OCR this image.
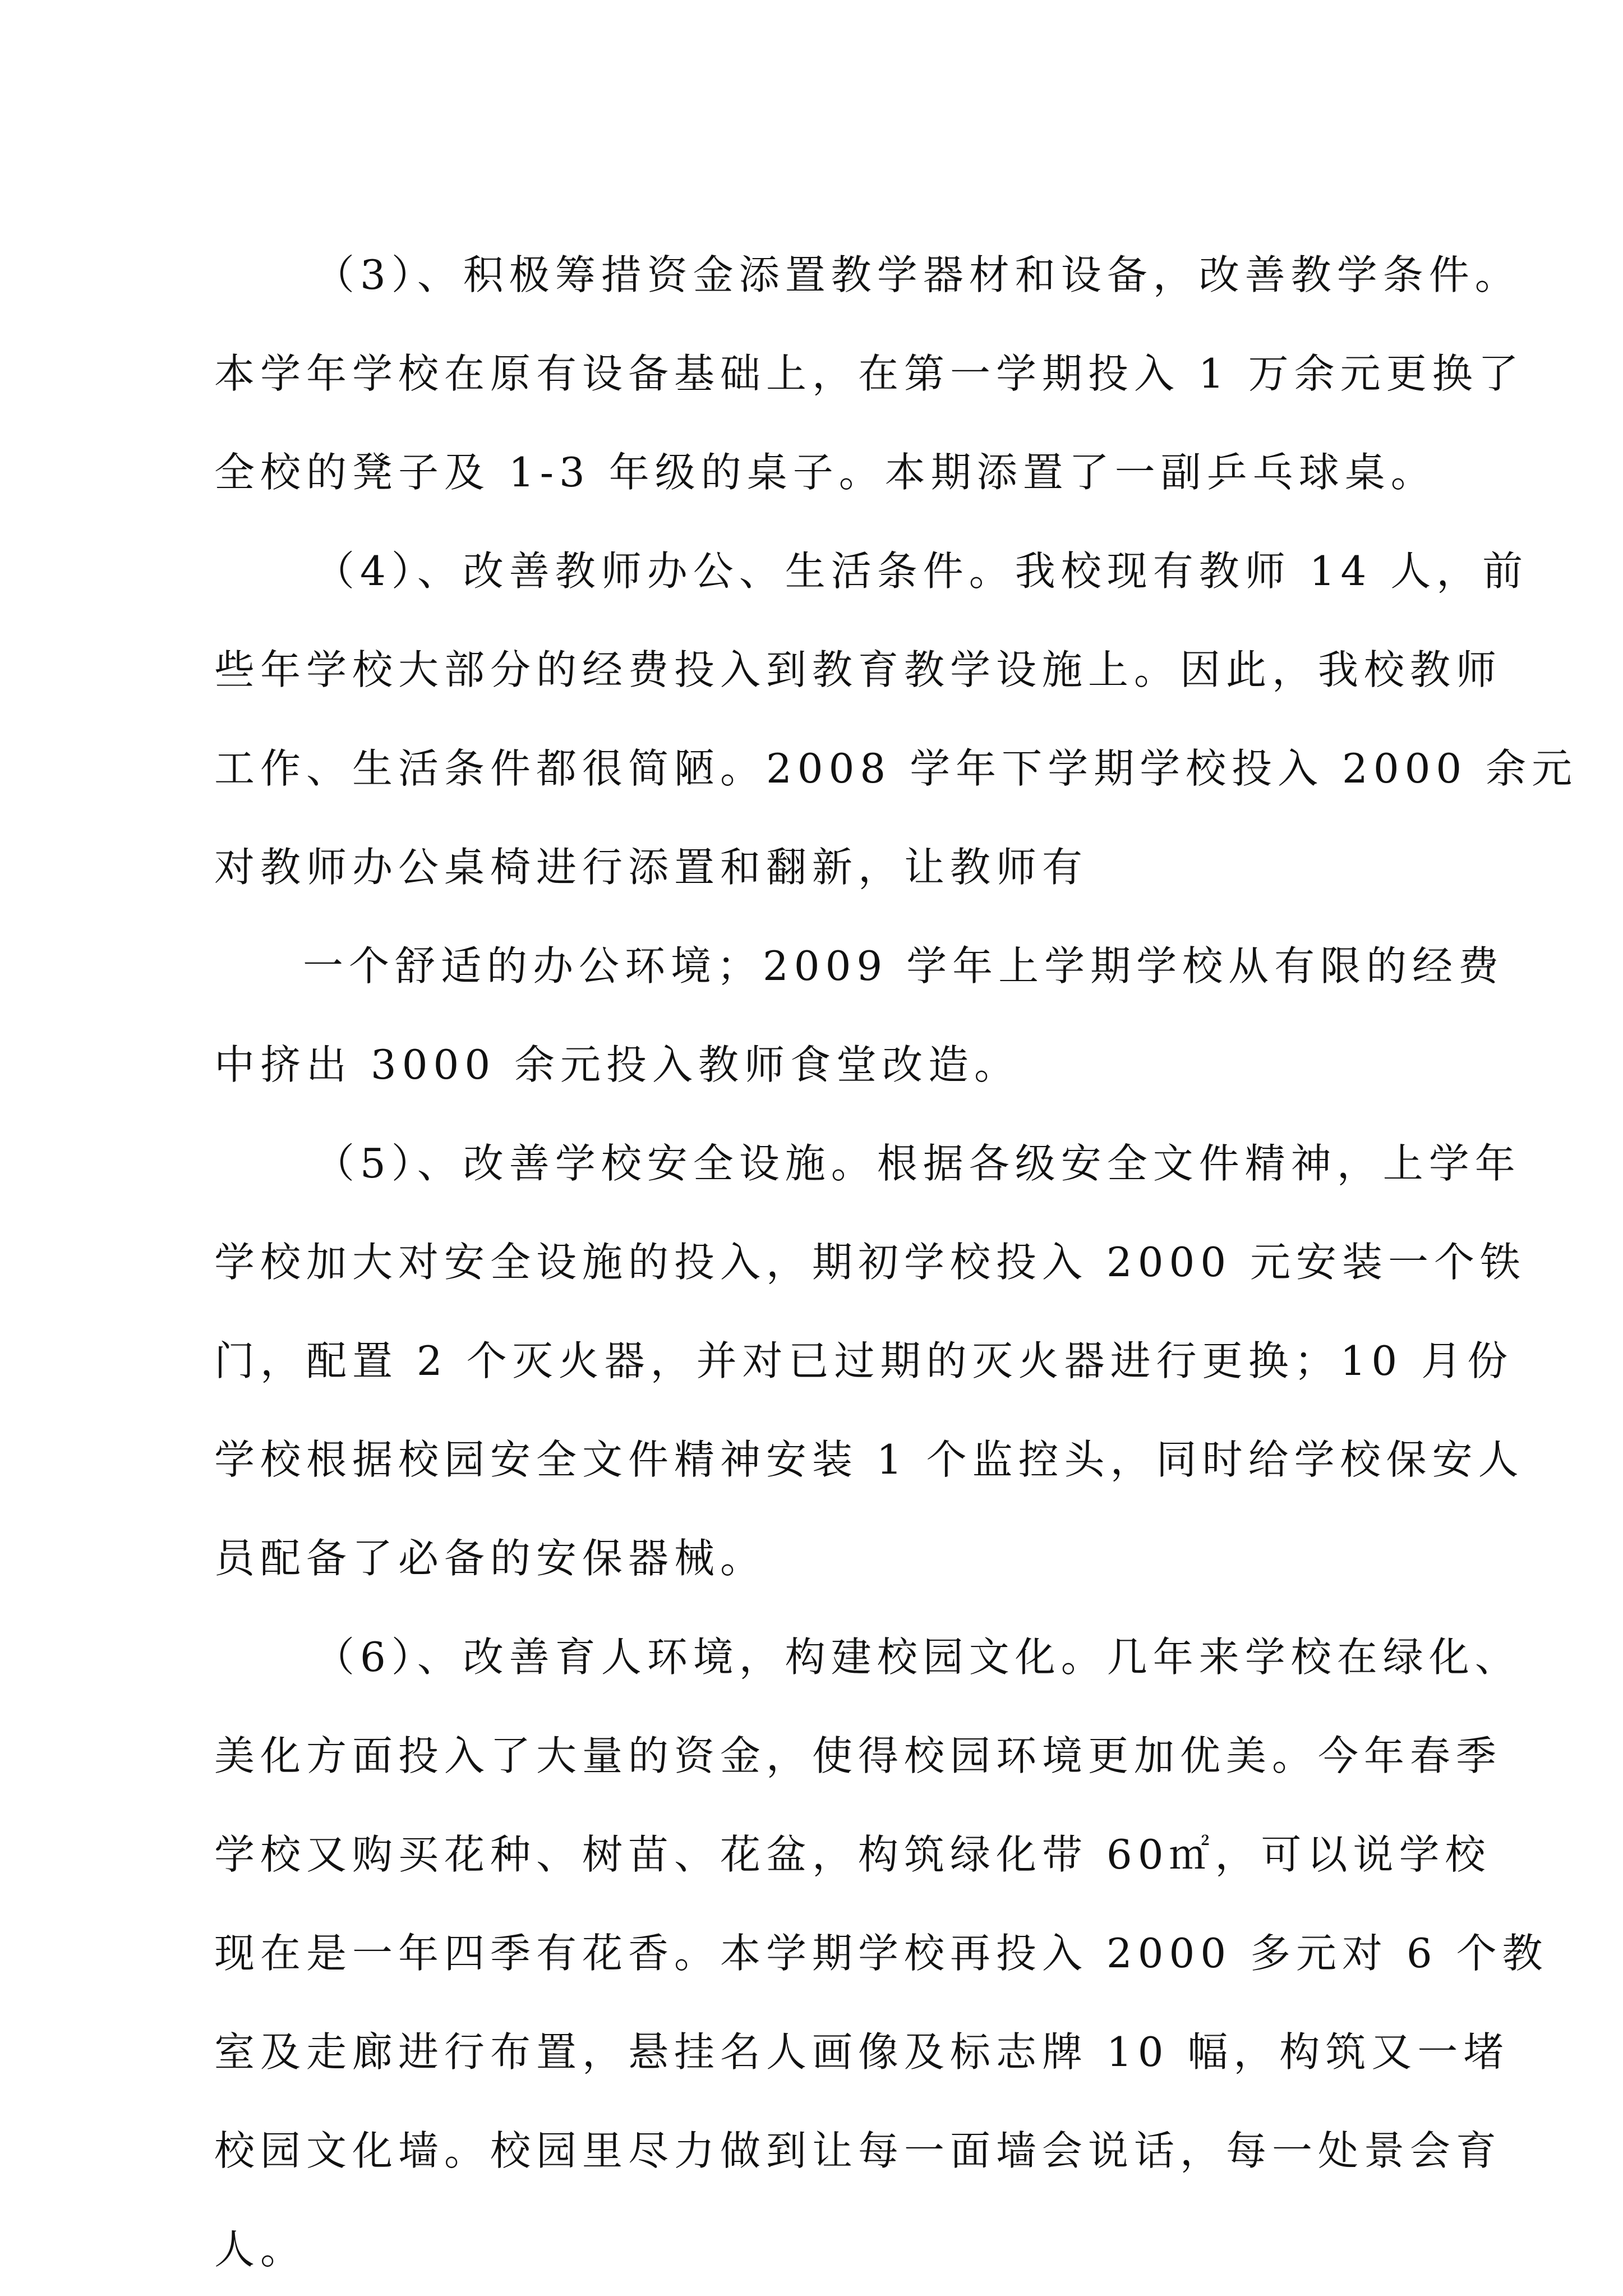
（3）、积极筹措资金添置教学器材和设备，改善教学条件。
本学年学校在原有设备基础上，在第一学期投入 1 万余元更换了
全校的凳子及 1-3 年级的桌子。本期添置了一副乒乓球桌。
（4）、改善教师办公、生活条件。我校现有教师 14 人，前
些年学校大部分的经费投入到教育教学设施上。因此，我校教师
工作、生活条件都很简陋。2008 学年下学期学校投入 2000 余元
对教师办公桌椅进行添置和翻新，让教师有
一个舒适的办公环境；2009 学年上学期学校从有限的经费
中挤出 3000 余元投入教师食堂改造。
（5）、改善学校安全设施。根据各级安全文件精神，上学年
学校加大对安全设施的投入，期初学校投入 2000 元安装一个铁
门，配置 2 个灭火器，并对已过期的灭火器进行更换；10 月份
学校根据校园安全文件精神安装 1 个监控头，同时给学校保安人
员配备了必备的安保器械。
（6）、改善育人环境，构建校园文化。几年来学校在绿化、
美化方面投入了大量的资金，使得校园环境更加优美。今年春季
学校又购买花种、树苗、花盆，构筑绿化带 60㎡，可以说学校
现在是一年四季有花香。本学期学校再投入 2000 多元对 6 个教
室及走廊进行布置，悬挂名人画像及标志牌 10 幅，构筑又一堵
校园文化墙。校园里尽力做到让每一面墙会说话，每一处景会育
人。
